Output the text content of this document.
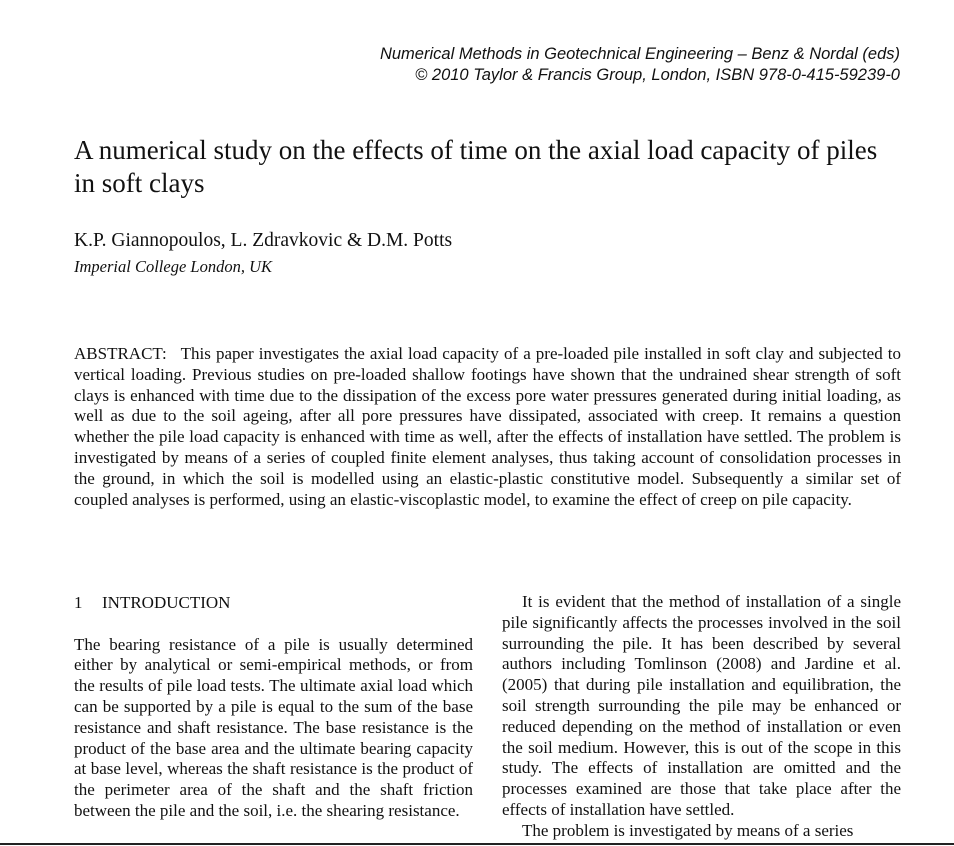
Numerical Methods in Geotechnical Engineering – Benz & Nordal (eds)
© 2010 Taylor & Francis Group, London, ISBN 978-0-415-59239-0
A numerical study on the effects of time on the axial load capacity of piles in soft clays
K.P. Giannopoulos, L. Zdravkovic & D.M. Potts
Imperial College London, UK

ABSTRACT: This paper investigates the axial load capacity of a pre-loaded pile installed in soft clay and subjected to vertical loading. Previous studies on pre-loaded shallow footings have shown that the undrained shear strength of soft clays is enhanced with time due to the dissipation of the excess pore water pressures generated during initial loading, as well as due to the soil ageing, after all pore pressures have dissipated, associated with creep. It remains a question whether the pile load capacity is enhanced with time as well, after the effects of installation have settled. The problem is investigated by means of a series of coupled finite element analyses, thus taking account of consolidation processes in the ground, in which the soil is modelled using an elastic-plastic constitutive model. Subsequently a similar set of coupled analyses is performed, using an elastic-viscoplastic model, to examine the effect of creep on pile capacity.

1 INTRODUCTION

The bearing resistance of a pile is usually determined either by analytical or semi-empirical methods, or from the results of pile load tests. The ultimate axial load which can be supported by a pile is equal to the sum of the base resistance and shaft resistance. The base resistance is the product of the base area and the ultimate bearing capacity at base level, whereas the shaft resistance is the product of the perimeter area of the shaft and the shaft friction between the pile and the soil, i.e. the shearing resistance.

It is evident that the method of installation of a single pile significantly affects the processes involved in the soil surrounding the pile. It has been described by several authors including Tomlinson (2008) and Jardine et al. (2005) that during pile installation and equilibration, the soil strength surrounding the pile may be enhanced or reduced depending on the method of installation or even the soil medium. However, this is out of the scope in this study. The effects of installation are omitted and the processes examined are those that take place after the effects of installation have settled.

The problem is investigated by means of a series
